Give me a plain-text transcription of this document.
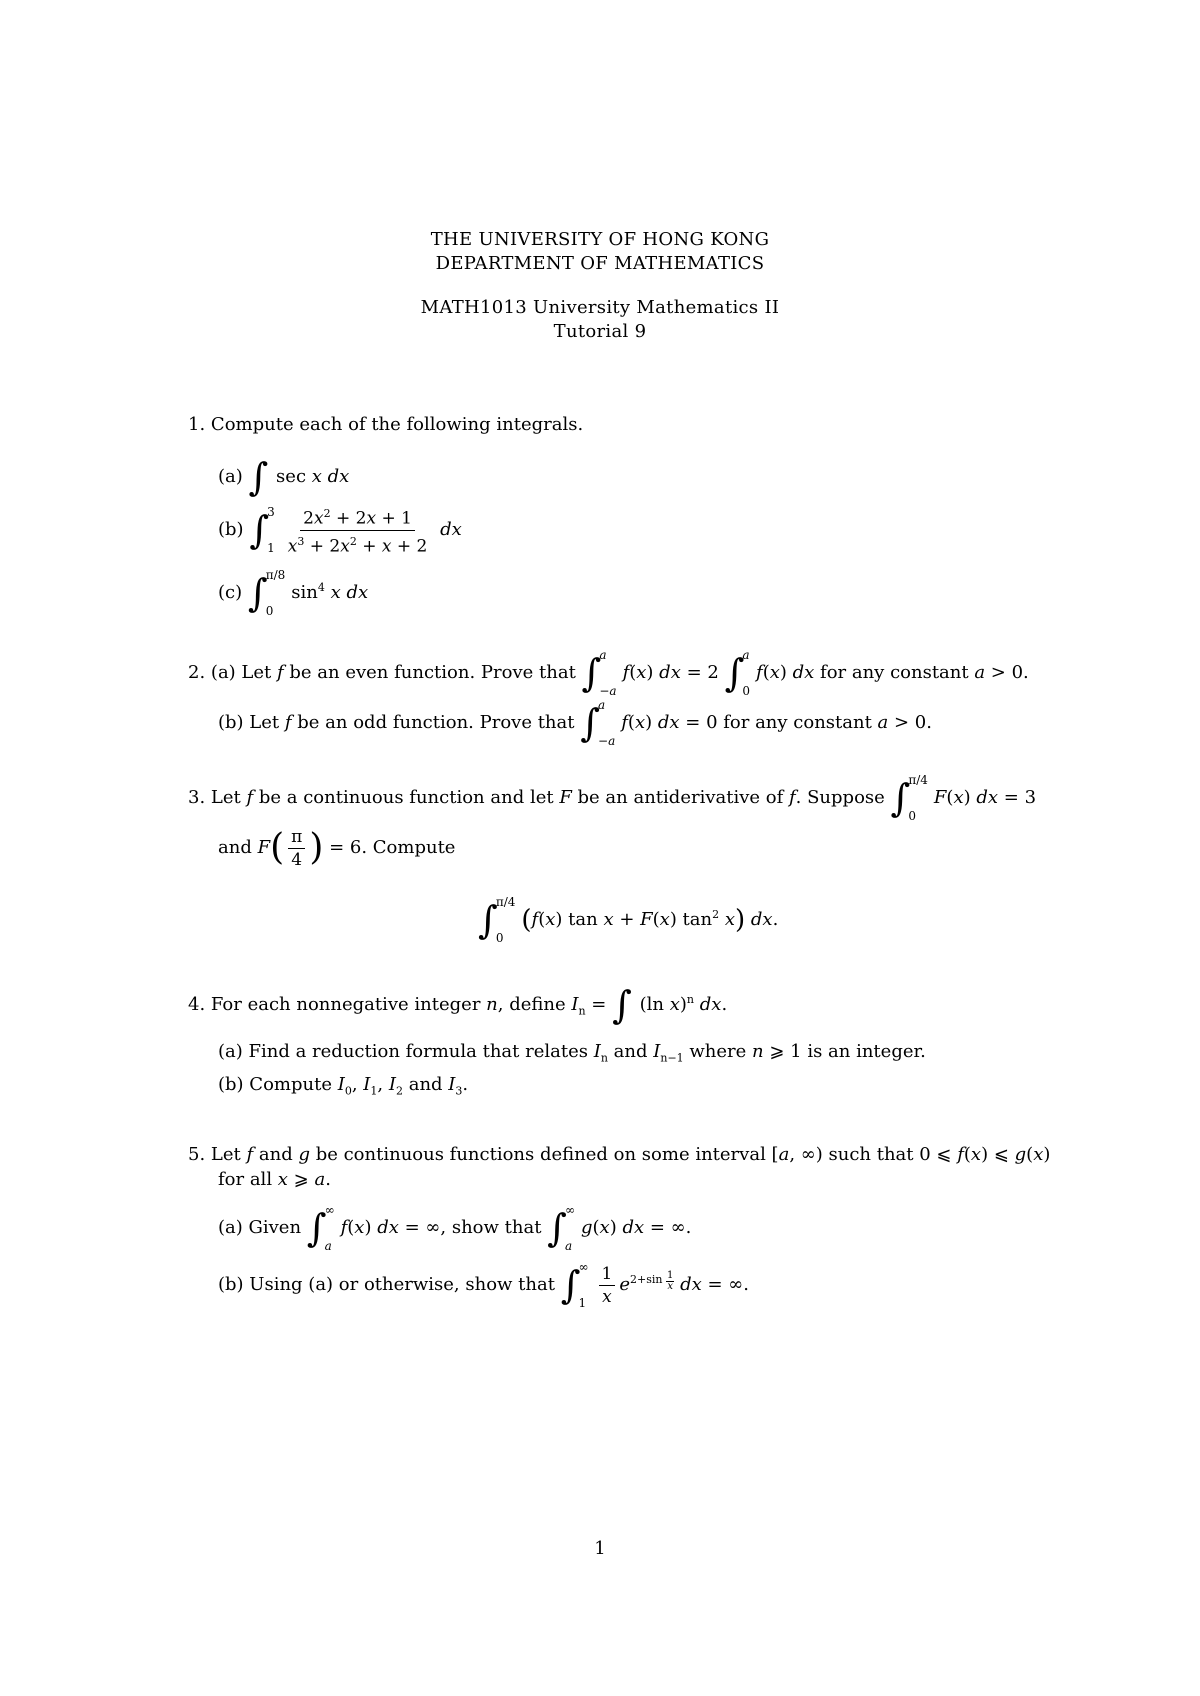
THE UNIVERSITY OF HONG KONG
DEPARTMENT OF MATHEMATICS
MATH1013 University Mathematics II
Tutorial 9
1. Compute each of the following integrals.
(a) ∫ sec x dx
(b) ∫
3
$1 \frac{2x^2 + 2x + 1}{x^3 + 2x^2 + x + 2}$ dx
(c) ∫
π/8
0
$\sin^4 x$ dx
2. (a) Let f be an even function. Prove that ∫
a
−a
f(x) dx = 2 ∫
a
0
f(x) dx for any constant a > 0.
(b) Let f be an odd function. Prove that ∫
a
−a
f(x) dx = 0 for any constant a > 0.
3. Let f be a continuous function and let F be an antiderivative of f. Suppose ∫
π/4
0
F(x) dx = 3
and $F( \frac{\pi}{4}$ ) = 6. Compute
∫
π/4
0
(f(x) tan x + F(x) $\tan^2 x$) dx.
4. For each nonnegative integer n, define $I_n$ = ∫ (ln x)$^n$ dx.
(a) Find a reduction formula that relates $I_n$ and $I_{n-1}$ where n ⩾ 1 is an integer.
(b) Compute $I_0$, $I_1$, $I_2$ and $I_3$.
5. Let f and g be continuous functions defined on some interval [a, ∞) such that 0 ⩽ f(x) ⩽ g(x)
for all x ⩾ a.
(a) Given ∫
∞
a
f(x) dx = ∞, show that ∫
∞
a
g(x) dx = ∞.
(b) Using (a) or otherwise, show that ∫
∞
$1 \frac{1}{x} e^{2+sin \frac{1}{x}}$ dx = ∞.
1
